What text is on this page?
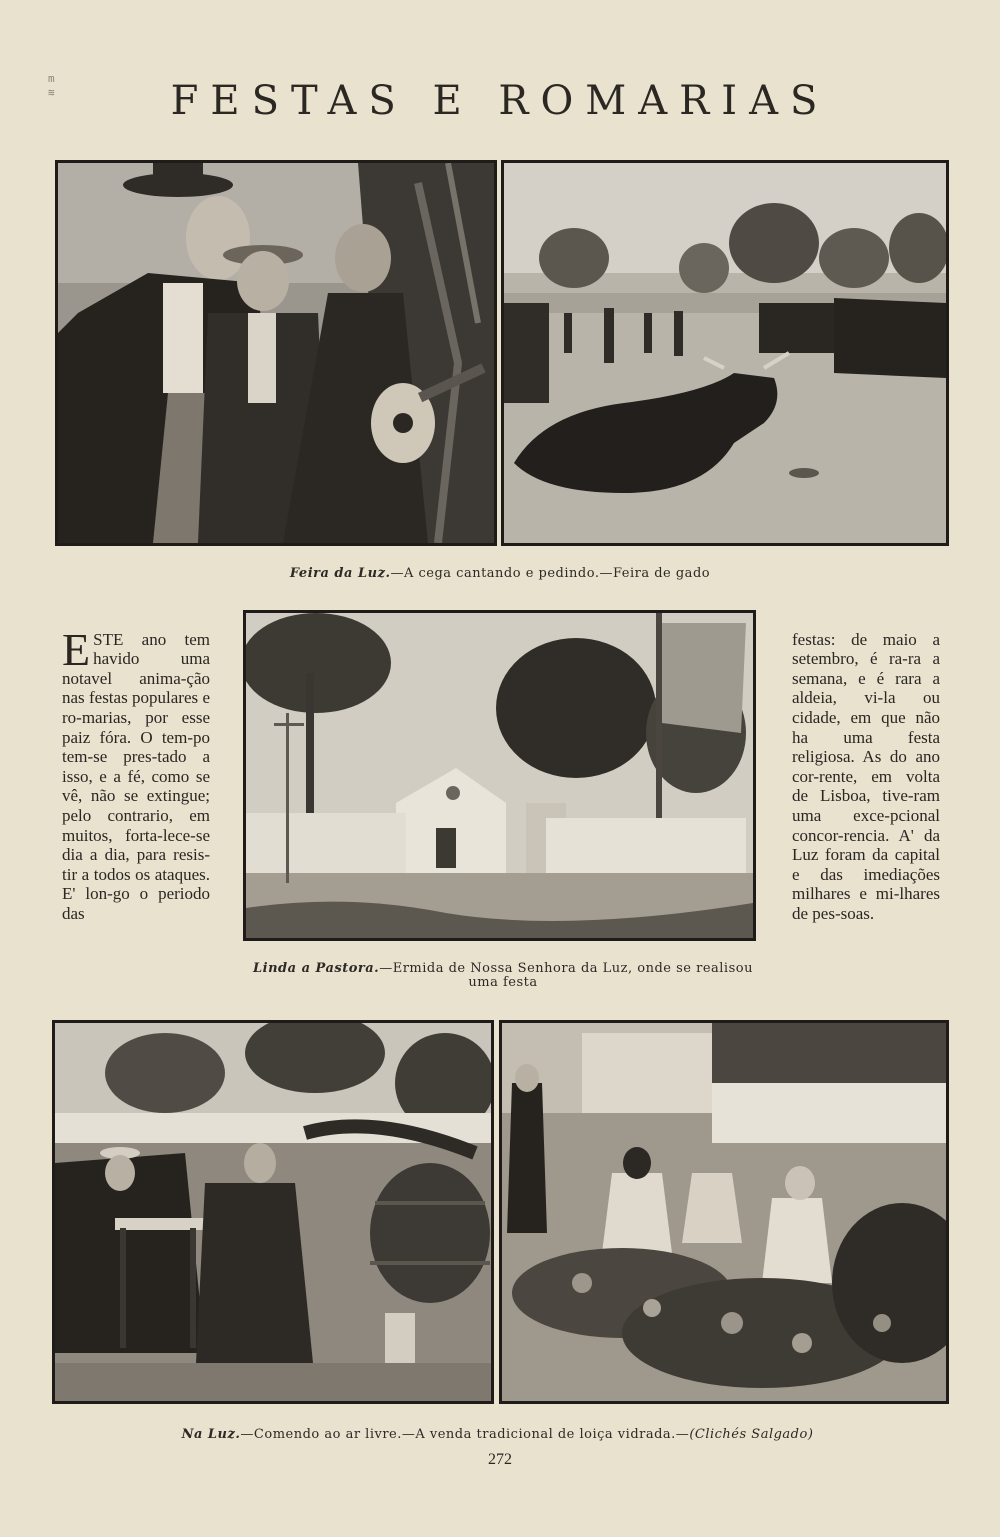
FESTAS E ROMARIAS
m
≋
Feira da Luz.—A cega cantando e pedindo.—Feira de gado

ESTE ano tem havido uma notavel anima-ção nas festas populares e ro-marias, por esse paiz fóra. O tem-po tem-se pres-tado a isso, e a fé, como se vê, não se extingue; pelo contrario, em muitos, forta-lece-se dia a dia, para resis-tir a todos os ataques. E' lon-go o periodo das

Linda a Pastora.—Ermida de Nossa Senhora da Luz, onde se realisou uma festa

festas: de maio a setembro, é ra-ra a semana, e é rara a aldeia, vi-la ou cidade, em que não ha uma festa religiosa. As do ano cor-rente, em volta de Lisboa, tive-ram uma exce-pcional concor-rencia. A' da Luz foram da capital e das imediações milhares e mi-lhares de pes-soas.

Na Luz.—Comendo ao ar livre.—A venda tradicional de loiça vidrada.—(Clichés Salgado)
272
